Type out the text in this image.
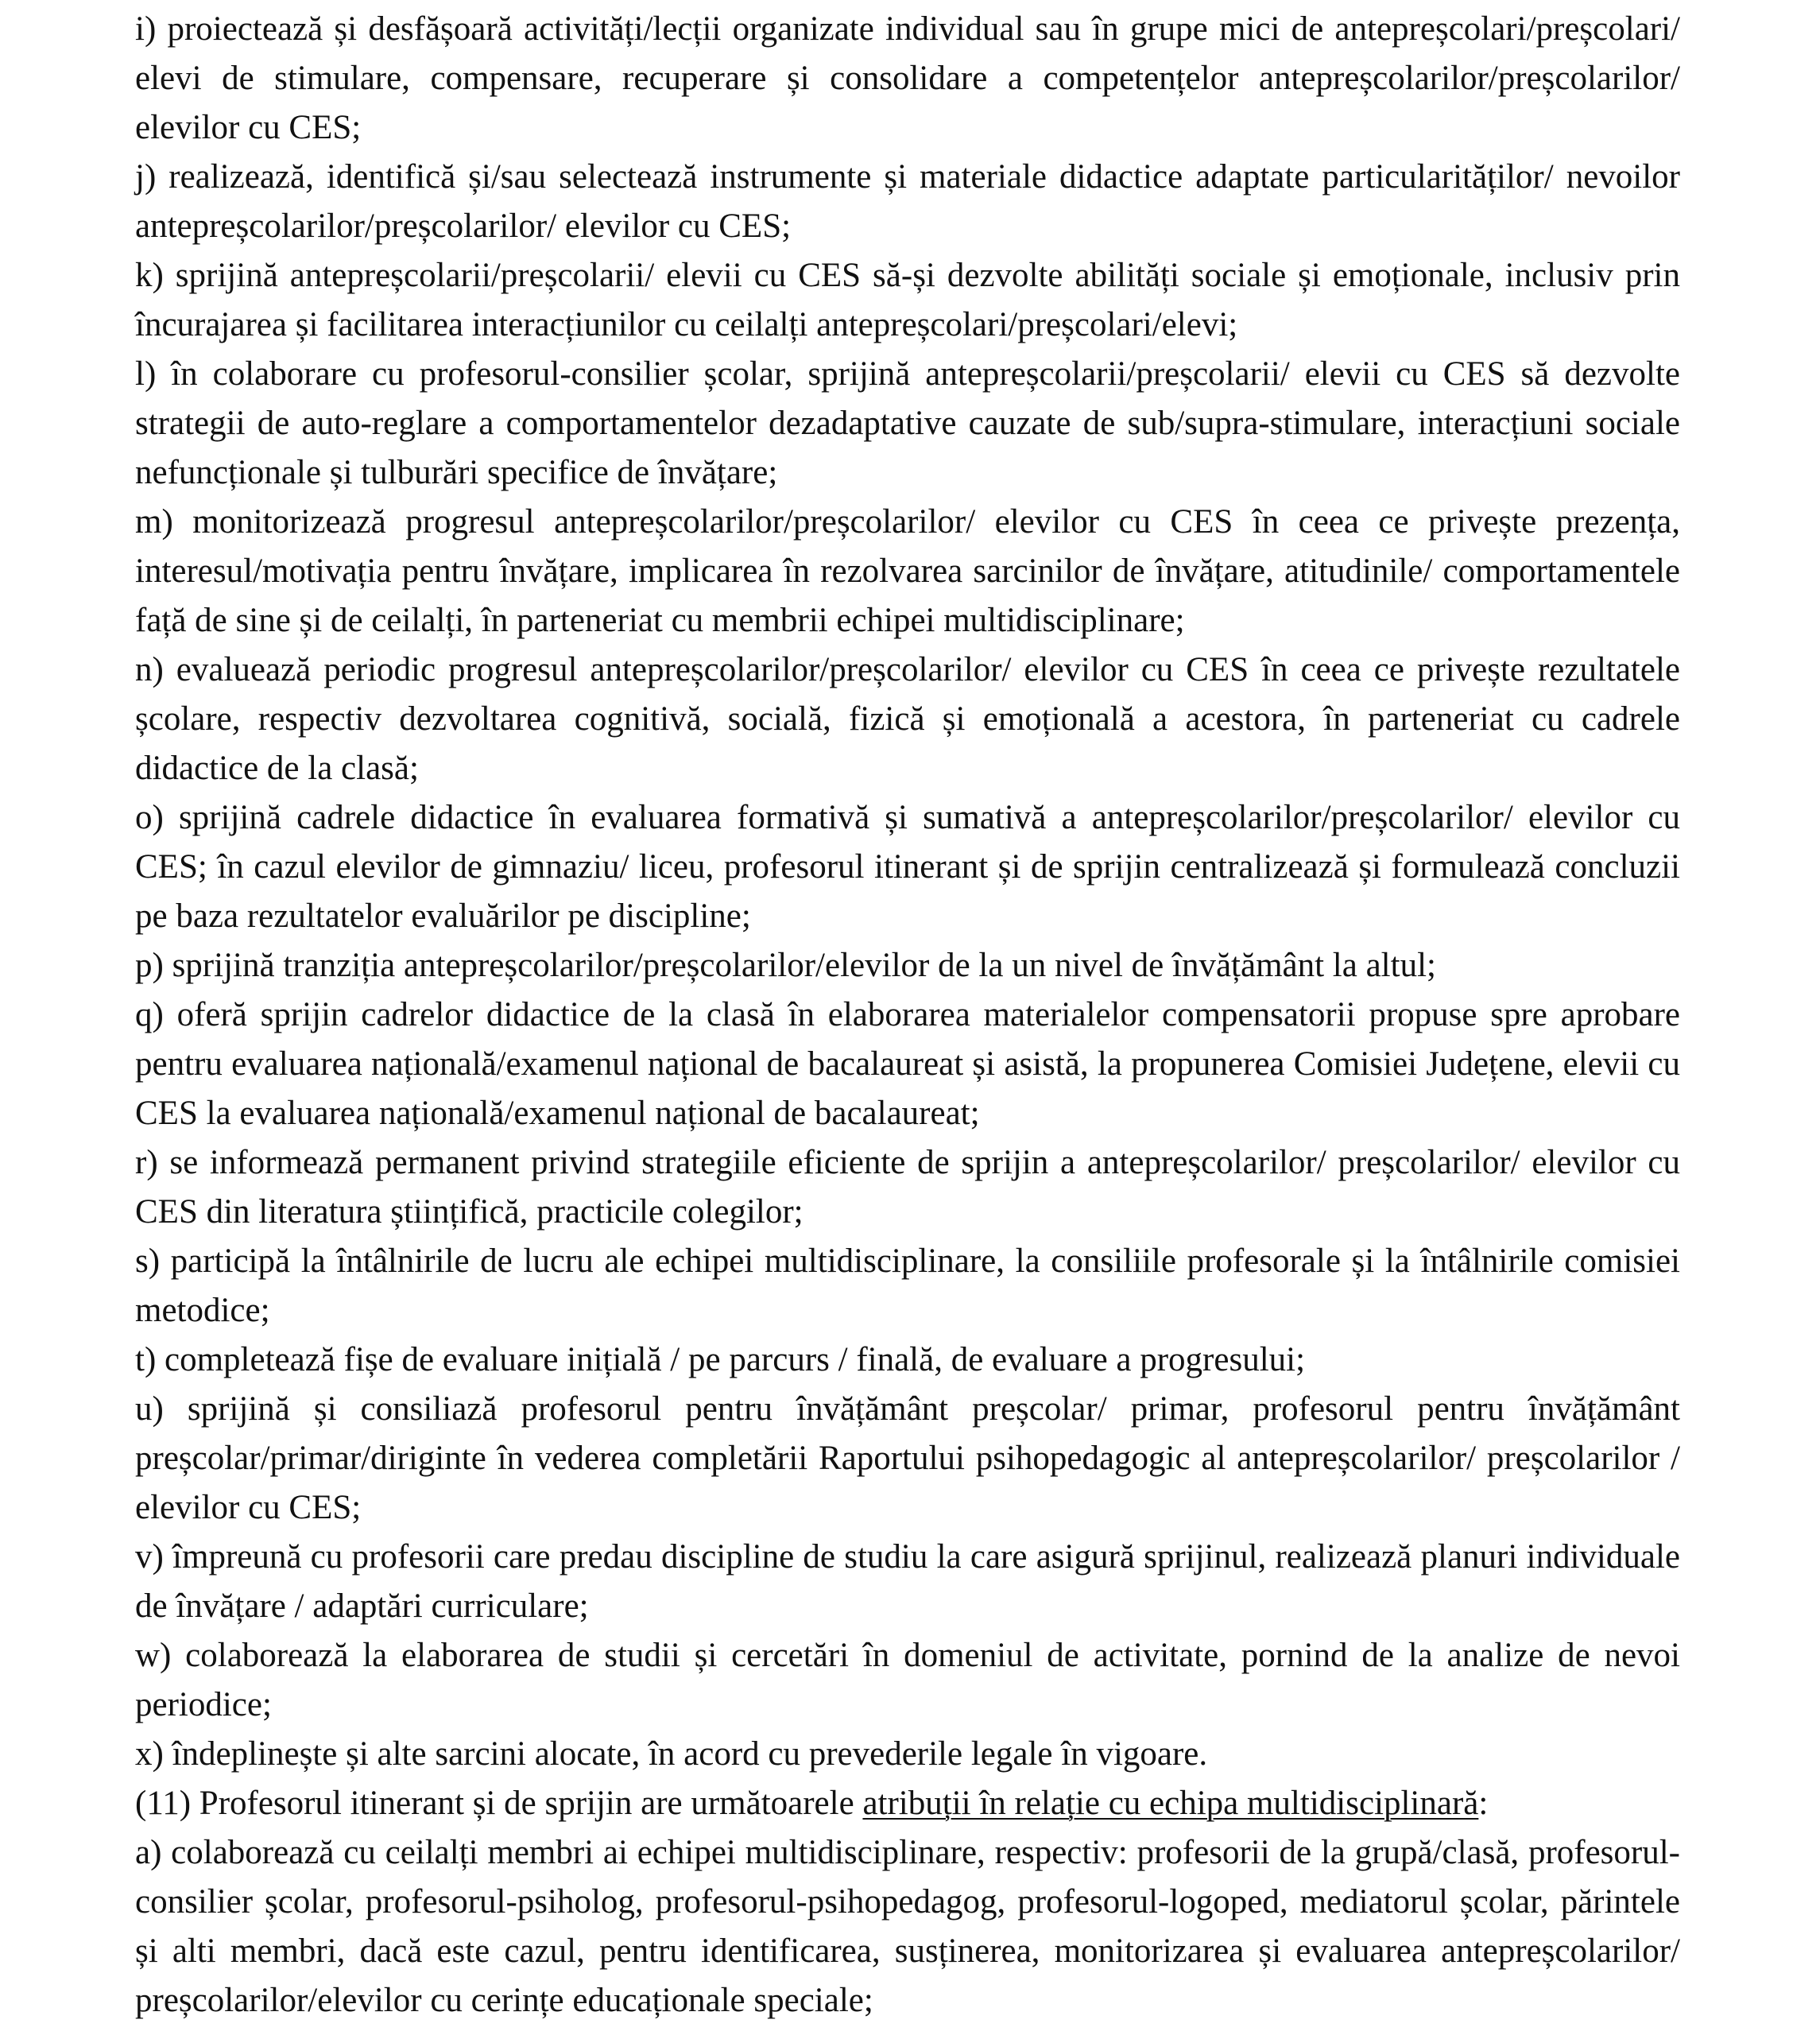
i) proiectează și desfășoară activități/lecții organizate individual sau în grupe mici de antepreșcolari/preșcolari/ elevi de stimulare, compensare, recuperare și consolidare a competențelor antepreșcolarilor/preșcolarilor/ elevilor cu CES;

j) realizează, identifică și/sau selectează instrumente și materiale didactice adaptate particularităților/ nevoilor antepreșcolarilor/preșcolarilor/ elevilor cu CES;

k) sprijină antepreșcolarii/preșcolarii/ elevii cu CES să-și dezvolte abilități sociale și emoționale, inclusiv prin încurajarea și facilitarea interacțiunilor cu ceilalți antepreșcolari/preșcolari/elevi;

l) în colaborare cu profesorul-consilier școlar, sprijină antepreșcolarii/preșcolarii/ elevii cu CES să dezvolte strategii de auto-reglare a comportamentelor dezadaptative cauzate de sub/supra-stimulare, interacțiuni sociale nefuncționale și tulburări specifice de învățare;

m) monitorizează progresul antepreșcolarilor/preșcolarilor/ elevilor cu CES în ceea ce privește prezența, interesul/motivația pentru învățare, implicarea în rezolvarea sarcinilor de învățare, atitudinile/ comportamentele față de sine și de ceilalți, în parteneriat cu membrii echipei multidisciplinare;

n) evaluează periodic progresul antepreșcolarilor/preșcolarilor/ elevilor cu CES în ceea ce privește rezultatele școlare, respectiv dezvoltarea cognitivă, socială, fizică și emoțională a acestora, în parteneriat cu cadrele didactice de la clasă;

o) sprijină cadrele didactice în evaluarea formativă și sumativă a antepreșcolarilor/preșcolarilor/ elevilor cu CES; în cazul elevilor de gimnaziu/ liceu, profesorul itinerant și de sprijin centralizează și formulează concluzii pe baza rezultatelor evaluărilor pe discipline;

p) sprijină tranziția antepreșcolarilor/preșcolarilor/elevilor de la un nivel de învățământ la altul;

q) oferă sprijin cadrelor didactice de la clasă în elaborarea materialelor compensatorii propuse spre aprobare pentru evaluarea națională/examenul național de bacalaureat și asistă, la propunerea Comisiei Județene, elevii cu CES la evaluarea națională/examenul național de bacalaureat;

r) se informează permanent privind strategiile eficiente de sprijin a antepreșcolarilor/ preșcolarilor/ elevilor cu CES din literatura științifică, practicile colegilor;

s) participă la întâlnirile de lucru ale echipei multidisciplinare, la consiliile profesorale și la întâlnirile comisiei metodice;

t) completează fișe de evaluare inițială / pe parcurs / finală, de evaluare a progresului;

u) sprijină și consiliază profesorul pentru învățământ preșcolar/ primar, profesorul pentru învățământ preșcolar/primar/diriginte în vederea completării Raportului psihopedagogic al antepreșcolarilor/ preșcolarilor / elevilor cu CES;

v) împreună cu profesorii care predau discipline de studiu la care asigură sprijinul, realizează planuri individuale de învățare / adaptări curriculare;

w) colaborează la elaborarea de studii și cercetări în domeniul de activitate, pornind de la analize de nevoi periodice;

x) îndeplinește și alte sarcini alocate, în acord cu prevederile legale în vigoare.

(11) Profesorul itinerant și de sprijin are următoarele atribuții în relație cu echipa multidisciplinară:

a) colaborează cu ceilalți membri ai echipei multidisciplinare, respectiv: profesorii de la grupă/clasă, profesorul-consilier școlar, profesorul-psiholog, profesorul-psihopedagog, profesorul-logoped, mediatorul școlar, părintele și alti membri, dacă este cazul, pentru identificarea, susținerea, monitorizarea și evaluarea antepreșcolarilor/ preșcolarilor/elevilor cu cerințe educaționale speciale;
